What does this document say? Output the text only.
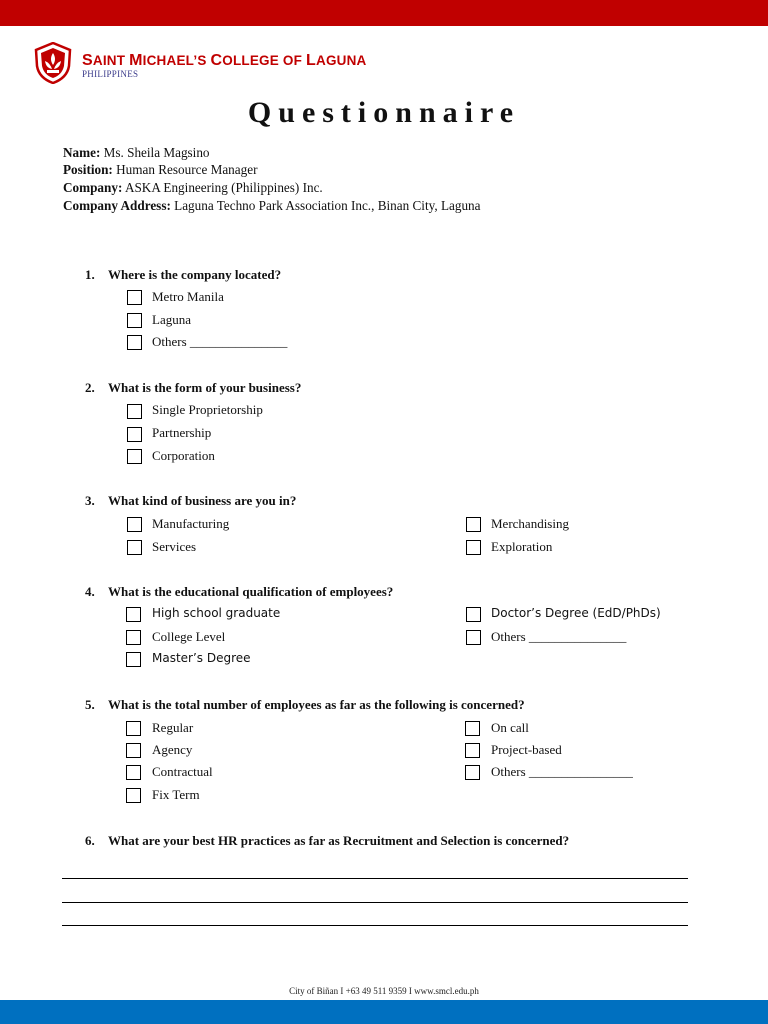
SAINT MICHAEL’S COLLEGE OF LAGUNA
PHILIPPINES
Questionnaire
Name: Ms. Sheila Magsino
Position: Human Resource Manager
Company: ASKA Engineering (Philippines) Inc.
Company Address: Laguna Techno Park Association Inc., Binan City, Laguna
1. Where is the company located?
Metro Manila
Laguna
Others _______________
2. What is the form of your business?
Single Proprietorship
Partnership
Corporation
3. What kind of business are you in?
Manufacturing	Merchandising
Services	Exploration
4. What is the educational qualification of employees?
High school graduate	Doctor’s Degree (EdD/PhDs)
College Level	Others _______________
Master’s Degree
5. What is the total number of employees as far as the following is concerned?
Regular	On call
Agency	Project-based
Contractual	Others ________________
Fix Term
6. What are your best HR practices as far as Recruitment and Selection is concerned?
City of Biñan I +63 49 511 9359 I www.smcl.edu.ph
